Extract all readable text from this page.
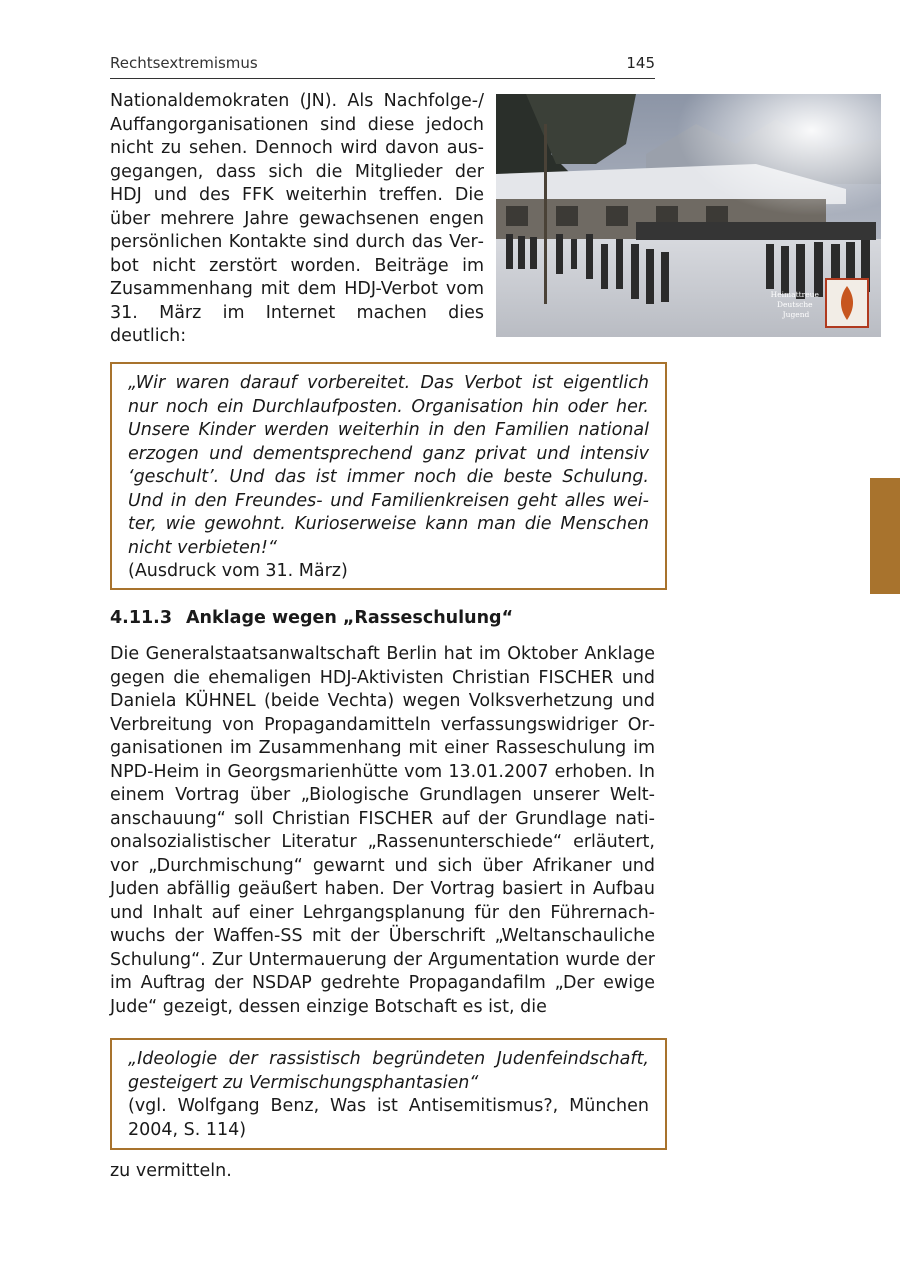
Rechtsextremismus	145

Nationaldemokraten (JN). Als Nachfolge-/ Auffangorganisationen sind diese jedoch nicht zu sehen. Dennoch wird davon ausgegangen, dass sich die Mitglieder der HDJ und des FFK weiterhin treffen. Die über mehrere Jahre gewachsenen engen persönlichen Kontakte sind durch das Verbot nicht zerstört worden. Beiträge im Zusammenhang mit dem HDJ-Verbot vom 31. März im Internet machen dies deutlich:

Heimattreue Deutsche Jugend

„Wir waren darauf vorbereitet. Das Verbot ist eigentlich nur noch ein Durchlaufposten. Organisation hin oder her. Unsere Kinder werden weiterhin in den Familien national erzogen und dementsprechend ganz privat und intensiv ‘geschult’. Und das ist immer noch die beste Schulung. Und in den Freundes- und Familienkreisen geht alles weiter, wie gewohnt. Kurioserweise kann man die Menschen nicht verbieten!“

(Ausdruck vom 31. März)

4.11.3 Anklage wegen „Rasseschulung“

Die Generalstaatsanwaltschaft Berlin hat im Oktober Anklage gegen die ehemaligen HDJ-Aktivisten Christian FISCHER und Daniela KÜHNEL (beide Vechta) wegen Volksverhetzung und Verbreitung von Propagandamitteln verfassungswidriger Organisationen im Zusammenhang mit einer Rasseschulung im NPD-Heim in Georgsmarienhütte vom 13.01.2007 erhoben. In einem Vortrag über „Biologische Grundlagen unserer Weltanschauung“ soll Christian FISCHER auf der Grundlage nationalsozialistischer Literatur „Rassenunterschiede“ erläutert, vor „Durchmischung“ gewarnt und sich über Afrikaner und Juden abfällig geäußert haben. Der Vortrag basiert in Aufbau und Inhalt auf einer Lehrgangsplanung für den Führernachwuchs der Waffen-SS mit der Überschrift „Weltanschauliche Schulung“. Zur Untermauerung der Argumentation wurde der im Auftrag der NSDAP gedrehte Propagandafilm „Der ewige Jude“ gezeigt, dessen einzige Botschaft es ist, die

„Ideologie der rassistisch begründeten Judenfeindschaft, gesteigert zu Vermischungsphantasien“

(vgl. Wolfgang Benz, Was ist Antisemitismus?, München 2004, S. 114)

zu vermitteln.
